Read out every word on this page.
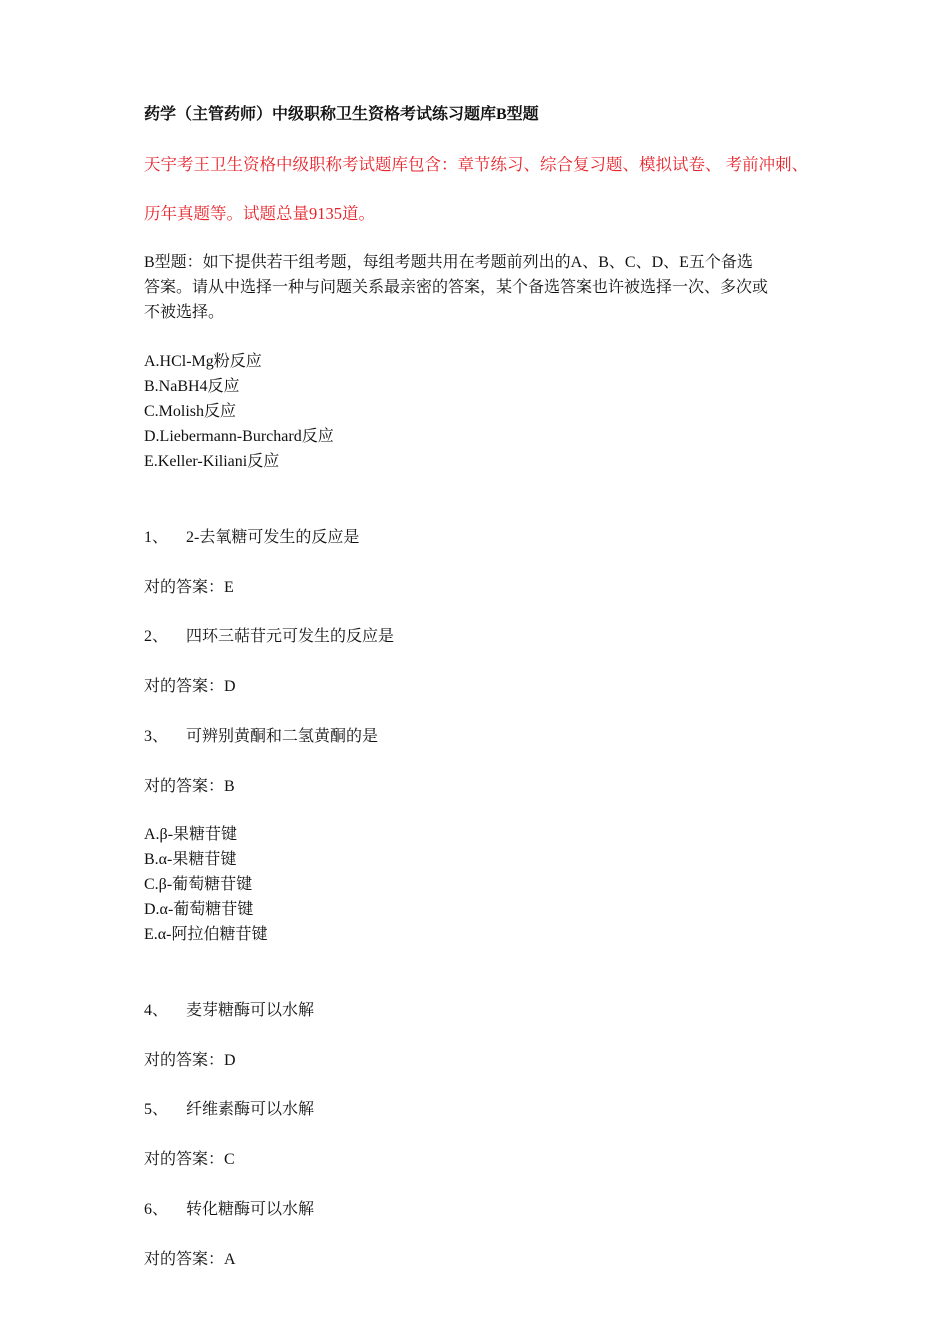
药学（主管药师）中级职称卫生资格考试练习题库B型题
天宇考王卫生资格中级职称考试题库包含：章节练习、综合复习题、模拟试卷、 考前冲刺、
历年真题等。试题总量9135道。
B型题：如下提供若干组考题，每组考题共用在考题前列出的A、B、C、D、E五个备选
答案。请从中选择一种与问题关系最亲密的答案，某个备选答案也许被选择一次、多次或
不被选择。
A.HCl-Mg粉反应
B.NaBH4反应
C.Molish反应
D.Liebermann-Burchard反应
E.Keller-Kiliani反应
1、 2-去氧糖可发生的反应是
对的答案：E
2、 四环三萜苷元可发生的反应是
对的答案：D
3、 可辨别黄酮和二氢黄酮的是
对的答案：B
A.β-果糖苷键
B.α-果糖苷键
C.β-葡萄糖苷键
D.α-葡萄糖苷键
E.α-阿拉伯糖苷键
4、 麦芽糖酶可以水解
对的答案：D
5、 纤维素酶可以水解
对的答案：C
6、 转化糖酶可以水解
对的答案：A
